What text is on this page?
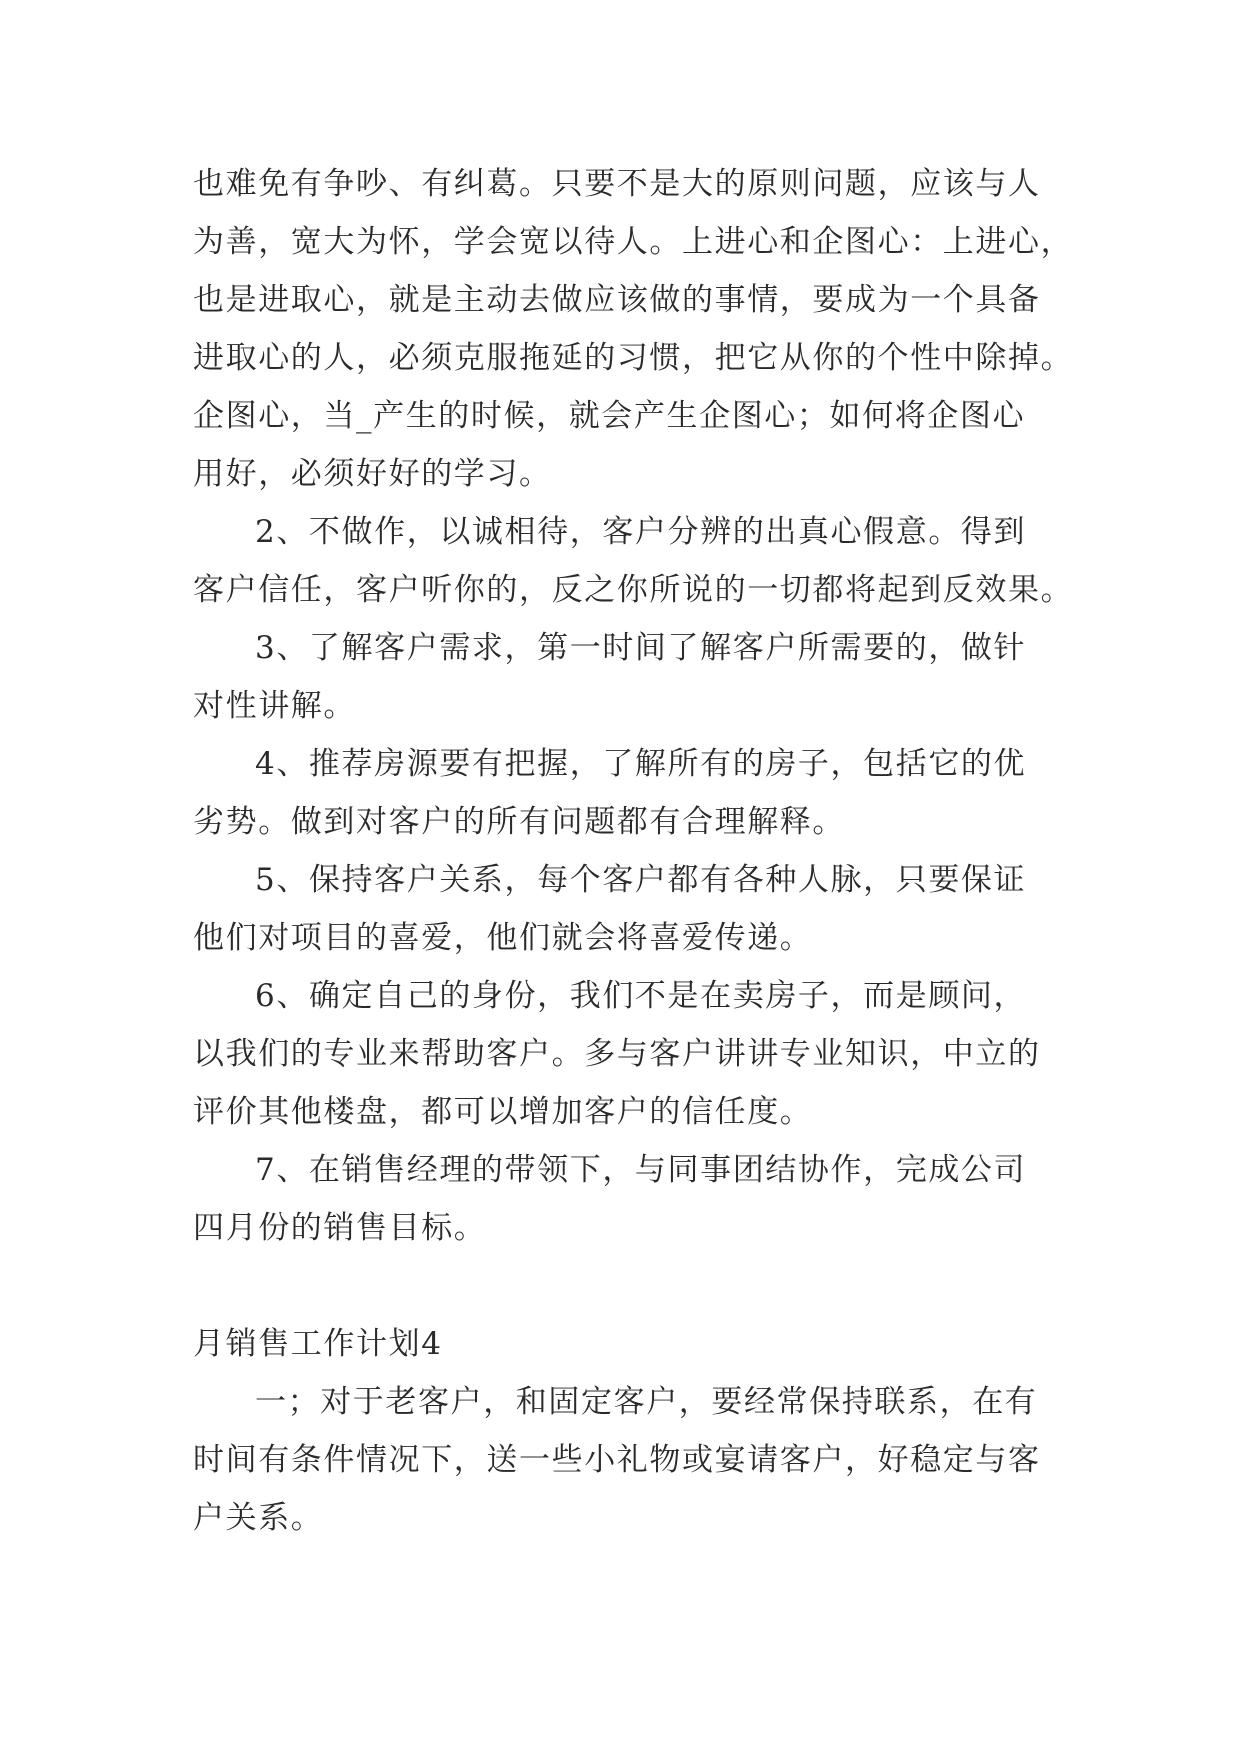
也难免有争吵、有纠葛。只要不是大的原则问题，应该与人
为善，宽大为怀，学会宽以待人。上进心和企图心：上进心，
也是进取心，就是主动去做应该做的事情，要成为一个具备
进取心的人，必须克服拖延的习惯，把它从你的个性中除掉。
企图心，当_产生的时候，就会产生企图心；如何将企图心
用好，必须好好的学习。

2、不做作，以诚相待，客户分辨的出真心假意。得到
客户信任，客户听你的，反之你所说的一切都将起到反效果。

3、了解客户需求，第一时间了解客户所需要的，做针
对性讲解。

4、推荐房源要有把握，了解所有的房子，包括它的优
劣势。做到对客户的所有问题都有合理解释。

5、保持客户关系，每个客户都有各种人脉，只要保证
他们对项目的喜爱，他们就会将喜爱传递。

6、确定自己的身份，我们不是在卖房子，而是顾问，
以我们的专业来帮助客户。多与客户讲讲专业知识，中立的
评价其他楼盘，都可以增加客户的信任度。

7、在销售经理的带领下，与同事团结协作，完成公司
四月份的销售目标。

月销售工作计划4

一；对于老客户，和固定客户，要经常保持联系，在有
时间有条件情况下，送一些小礼物或宴请客户，好稳定与客
户关系。
